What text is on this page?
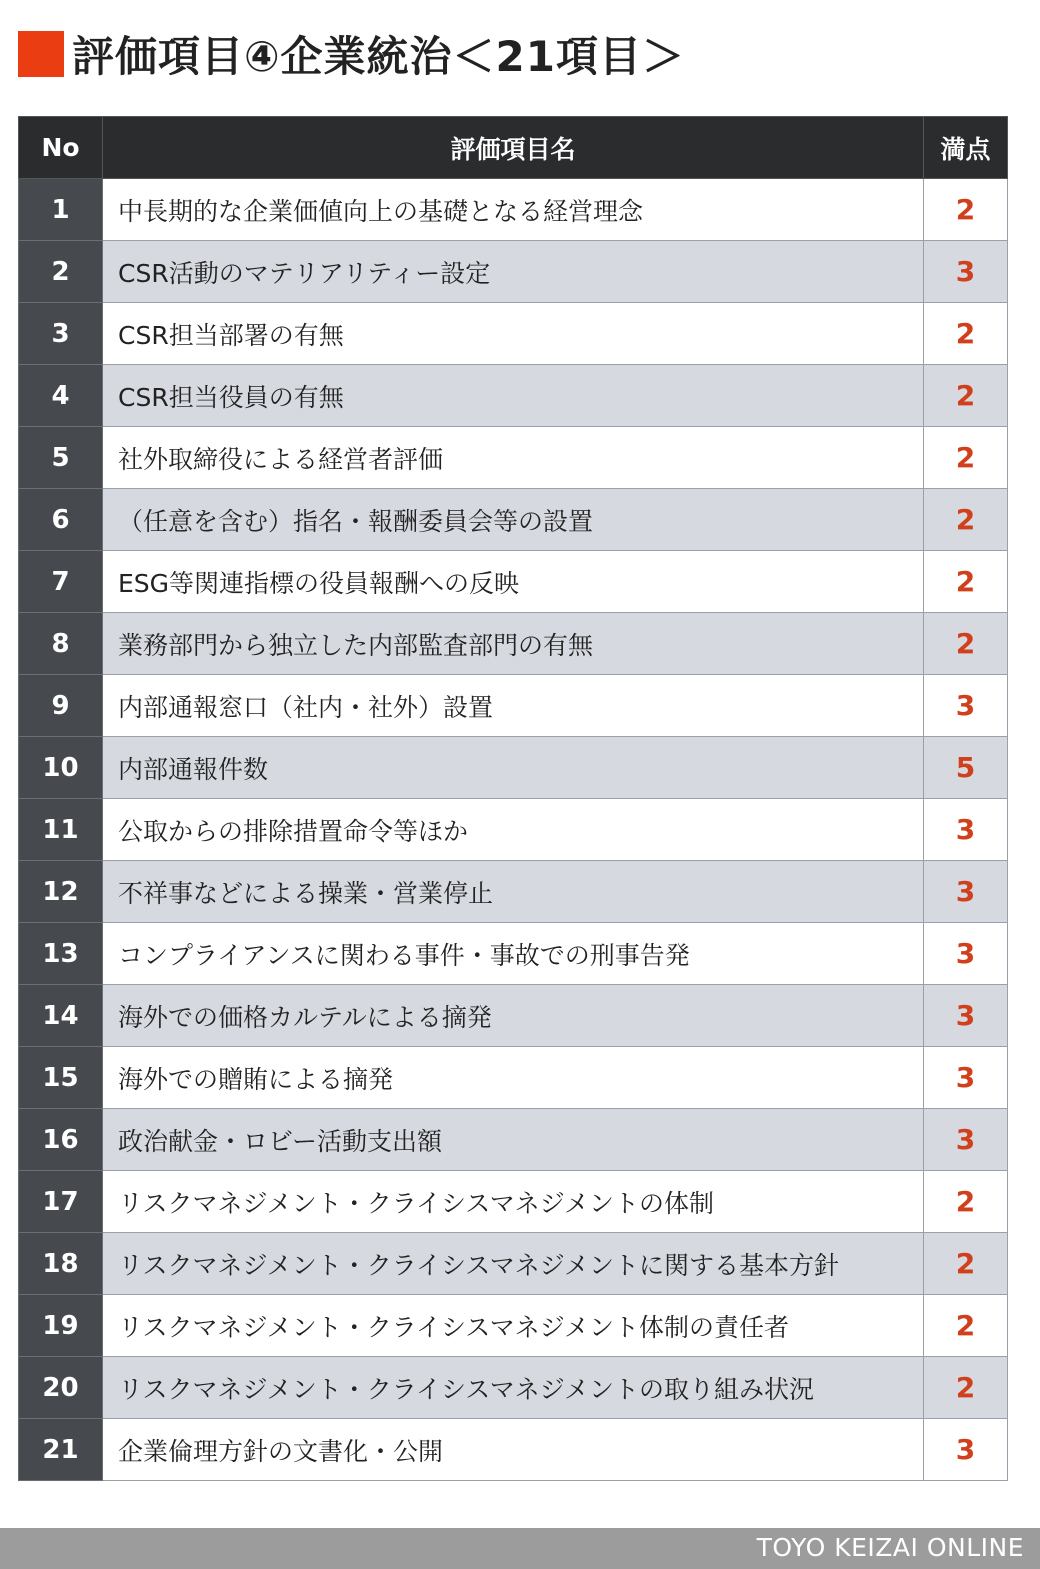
評価項目④企業統治＜21項目＞
No	評価項目名	満点
1	中長期的な企業価値向上の基礎となる経営理念	2
2	CSR活動のマテリアリティー設定	3
3	CSR担当部署の有無	2
4	CSR担当役員の有無	2
5	社外取締役による経営者評価	2
6	（任意を含む）指名・報酬委員会等の設置	2
7	ESG等関連指標の役員報酬への反映	2
8	業務部門から独立した内部監査部門の有無	2
9	内部通報窓口（社内・社外）設置	3
10	内部通報件数	5
11	公取からの排除措置命令等ほか	3
12	不祥事などによる操業・営業停止	3
13	コンプライアンスに関わる事件・事故での刑事告発	3
14	海外での価格カルテルによる摘発	3
15	海外での贈賄による摘発	3
16	政治献金・ロビー活動支出額	3
17	リスクマネジメント・クライシスマネジメントの体制	2
18	リスクマネジメント・クライシスマネジメントに関する基本方針	2
19	リスクマネジメント・クライシスマネジメント体制の責任者	2
20	リスクマネジメント・クライシスマネジメントの取り組み状況	2
21	企業倫理方針の文書化・公開	3
TOYO KEIZAI ONLINE
